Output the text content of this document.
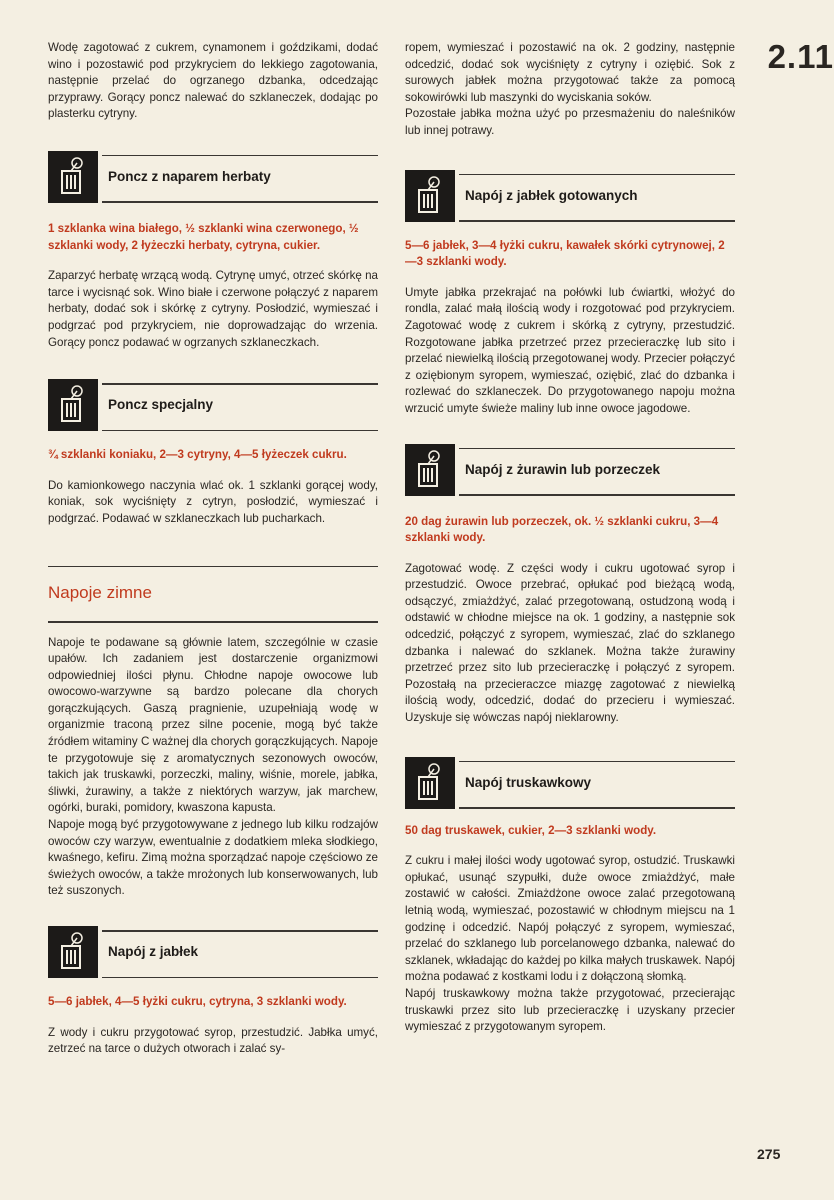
2.11

Wodę zagotować z cukrem, cynamonem i goździkami, dodać wino i pozostawić pod przykryciem do lekkiego zagotowania, następnie przelać do ogrzanego dzbanka, odcedzając przyprawy. Gorący poncz nalewać do szklaneczek, dodając po plasterku cytryny.

Poncz z naparem herbaty

1 szklanka wina białego, ½ szklanki wina czerwonego, ½ szklanki wody, 2 łyżeczki herbaty, cytryna, cukier.

Zaparzyć herbatę wrzącą wodą. Cytrynę umyć, otrzeć skórkę na tarce i wycisnąć sok. Wino białe i czerwone połączyć z naparem herbaty, dodać sok i skórkę z cytryny. Posłodzić, wymieszać i podgrzać pod przykryciem, nie doprowadzając do wrzenia. Gorący poncz podawać w ogrzanych szklaneczkach.

Poncz specjalny

¾ szklanki koniaku, 2—3 cytryny, 4—5 łyżeczek cukru.

Do kamionkowego naczynia wlać ok. 1 szklanki gorącej wody, koniak, sok wyciśnięty z cytryn, posłodzić, wymieszać i podgrzać. Podawać w szklaneczkach lub pucharkach.

Napoje zimne

Napoje te podawane są głównie latem, szczególnie w czasie upałów. Ich zadaniem jest dostarczenie organizmowi odpowiedniej ilości płynu. Chłodne napoje owocowe lub owocowo-warzywne są bardzo polecane dla chorych gorączkujących. Gaszą pragnienie, uzupełniają wodę w organizmie traconą przez silne pocenie, mogą być także źródłem witaminy C ważnej dla chorych gorączkujących. Napoje te przygotowuje się z aromatycznych sezonowych owoców, takich jak truskawki, porzeczki, maliny, wiśnie, morele, jabłka, śliwki, żurawiny, a także z niektórych warzyw, jak marchew, ogórki, buraki, pomidory, kwaszona kapusta.

Napoje mogą być przygotowywane z jednego lub kilku rodzajów owoców czy warzyw, ewentualnie z dodatkiem mleka słodkiego, kwaśnego, kefiru. Zimą można sporządzać napoje częściowo ze świeżych owoców, a także mrożonych lub konserwowanych, lub też suszonych.

Napój z jabłek

5—6 jabłek, 4—5 łyżki cukru, cytryna, 3 szklanki wody.

Z wody i cukru przygotować syrop, przestudzić. Jabłka umyć, zetrzeć na tarce o dużych otworach i zalać sy-

ropem, wymieszać i pozostawić na ok. 2 godziny, następnie odcedzić, dodać sok wyciśnięty z cytryny i oziębić. Sok z surowych jabłek można przygotować także za pomocą sokowirówki lub maszynki do wyciskania soków.

Pozostałe jabłka można użyć po przesmażeniu do naleśników lub innej potrawy.

Napój z jabłek gotowanych

5—6 jabłek, 3—4 łyżki cukru, kawałek skórki cytrynowej, 2—3 szklanki wody.

Umyte jabłka przekrajać na połówki lub ćwiartki, włożyć do rondla, zalać małą ilością wody i rozgotować pod przykryciem. Zagotować wodę z cukrem i skórką z cytryny, przestudzić. Rozgotowane jabłka przetrzeć przez przecieraczkę lub sito i przelać niewielką ilością przegotowanej wody. Przecier połączyć z oziębionym syropem, wymieszać, oziębić, zlać do dzbanka i rozlewać do szklaneczek. Do przygotowanego napoju można wrzucić umyte świeże maliny lub inne owoce jagodowe.

Napój z żurawin lub porzeczek

20 dag żurawin lub porzeczek, ok. ½ szklanki cukru, 3—4 szklanki wody.

Zagotować wodę. Z części wody i cukru ugotować syrop i przestudzić. Owoce przebrać, opłukać pod bieżącą wodą, odsączyć, zmiażdżyć, zalać przegotowaną, ostudzoną wodą i odstawić w chłodne miejsce na ok. 1 godziny, a następnie sok odcedzić, połączyć z syropem, wymieszać, zlać do szklanego dzbanka i nalewać do szklanek. Można także żurawiny przetrzeć przez sito lub przecieraczkę i połączyć z syropem. Pozostałą na przecieraczce miazgę zagotować z niewielką ilością wody, odcedzić, dodać do przecieru i wymieszać. Uzyskuje się wówczas napój nieklarowny.

Napój truskawkowy

50 dag truskawek, cukier, 2—3 szklanki wody.

Z cukru i małej ilości wody ugotować syrop, ostudzić. Truskawki opłukać, usunąć szypułki, duże owoce zmiażdżyć, małe zostawić w całości. Zmiażdżone owoce zalać przegotowaną letnią wodą, wymieszać, pozostawić w chłodnym miejscu na 1 godzinę i odcedzić. Napój połączyć z syropem, wymieszać, przelać do szklanego lub porcelanowego dzbanka, nalewać do szklanek, wkładając do każdej po kilka małych truskawek. Napój można podawać z kostkami lodu i z dołączoną słomką.

Napój truskawkowy można także przygotować, przecierając truskawki przez sito lub przecieraczkę i uzyskany przecier wymieszać z przygotowanym syropem.

275
